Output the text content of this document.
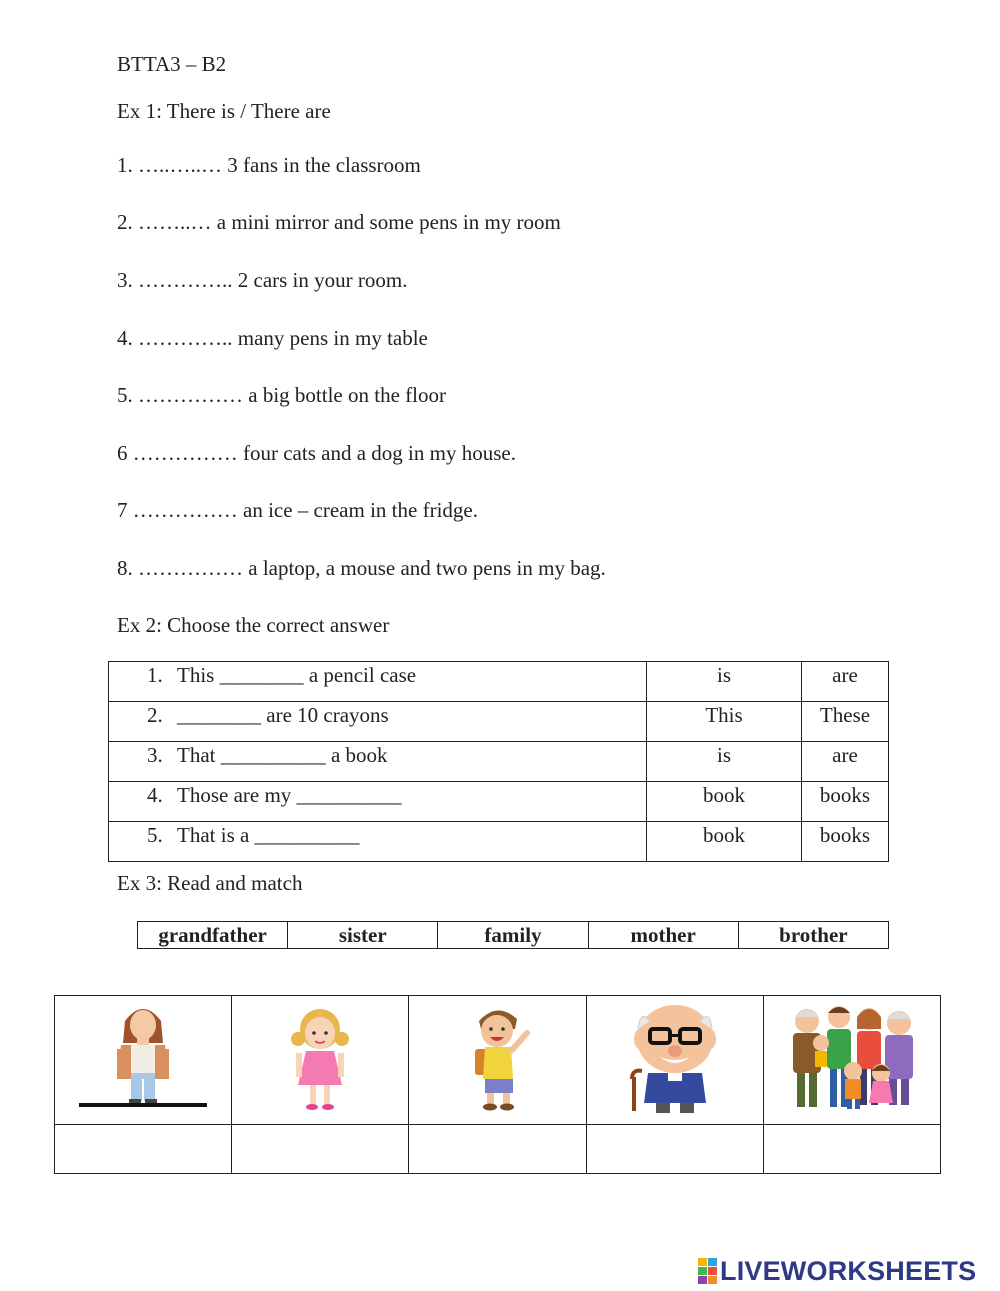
BTTA3 – B2
Ex 1: There is / There are
1. …..…..… 3 fans in the classroom
2. ……..… a mini mirror and some pens in my room
3. ………….. 2 cars in your room.
4. ………….. many pens in my table
5. …………… a big bottle on the floor
6 …………… four cats and a dog in my house.
7 …………… an ice – cream in the fridge.
8. …………… a laptop, a mouse and two pens in my bag.
Ex 2: Choose the correct answer
1. This ________ a pencil case	is	are
2. ________ are 10 crayons	This	These
3. That __________ a book	is	are
4. Those are my __________	book	books
5. That is a __________	book	books
Ex 3: Read and match
grandfather	sister	family	mother	brother

LIVEWORKSHEETS
